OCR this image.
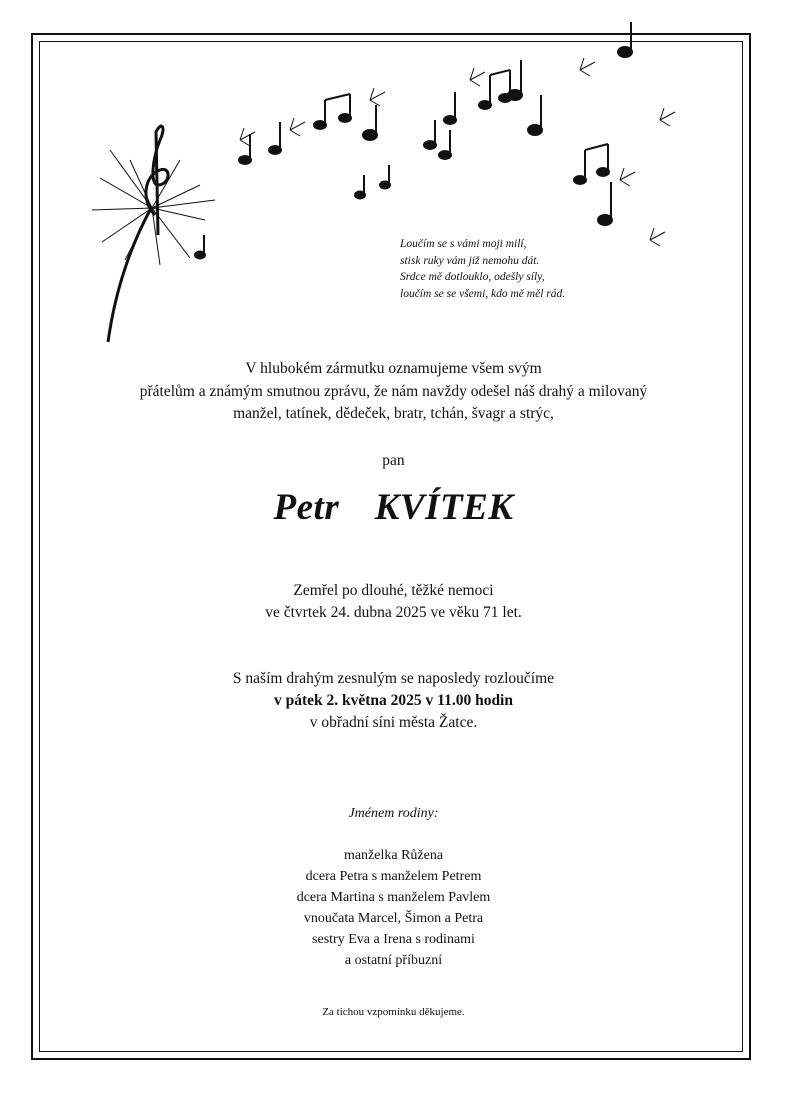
Loučím se s vámi moji milí,
stisk ruky vám již nemohu dát.
Srdce mě dotlouklo, odešly síly,
loučím se se všemi, kdo mě měl rád.
V hlubokém zármutku oznamujeme všem svým
přátelům a známým smutnou zprávu, že nám navždy odešel náš drahý a milovaný
manžel, tatínek, dědeček, bratr, tchán, švagr a strýc,
pan
Petr  KVÍTEK
Zemřel po dlouhé, těžké nemoci
ve čtvrtek 24. dubna 2025 ve věku 71 let.
S naším drahým zesnulým se naposledy rozloučíme
v pátek 2. května 2025 v 11.00 hodin
v obřadní síni města Žatce.
Jménem rodiny:
manželka Růžena
dcera Petra s manželem Petrem
dcera Martina s manželem Pavlem
vnoučata Marcel, Šimon a Petra
sestry Eva a Irena s rodinami
a ostatní příbuzní
Za tichou vzpomínku děkujeme.
